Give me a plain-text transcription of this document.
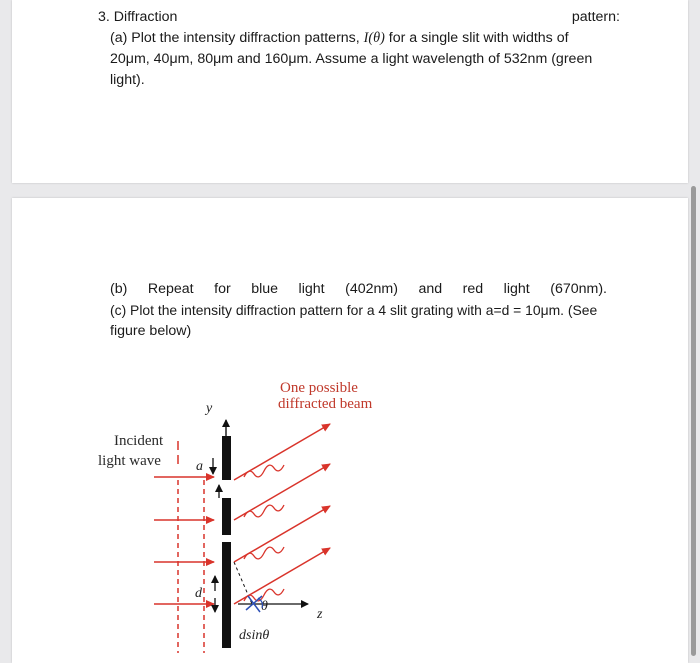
3. Diffraction	pattern:
(a) Plot the intensity diffraction patterns, I(θ) for a single slit with widths of
20μm, 40μm, 80μm and 160μm. Assume a light wavelength of 532nm (green
light).
(b) Repeat for blue light (402nm) and red light (670nm).
(c) Plot the intensity diffraction pattern for a 4 slit grating with a=d = 10μm. (See
figure below)
One possible
diffracted beam
Incident
light wave
y
z
a
d
θ
dsinθ
